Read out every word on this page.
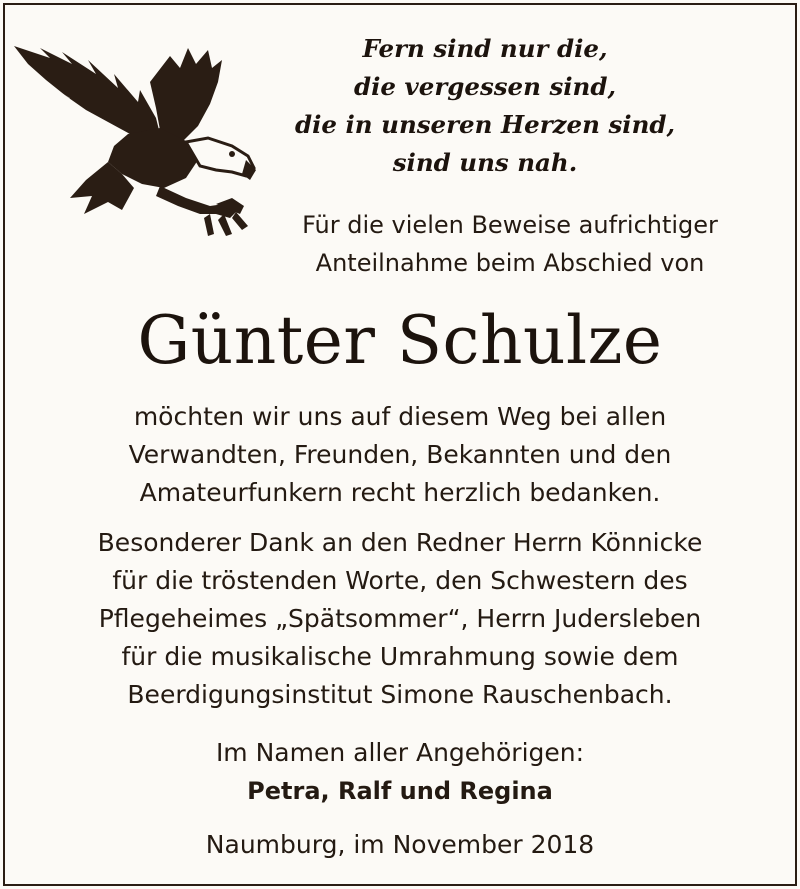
Fern sind nur die,
die vergessen sind,
die in unseren Herzen sind,
sind uns nah.
Für die vielen Beweise aufrichtiger
Anteilnahme beim Abschied von
Günter Schulze
möchten wir uns auf diesem Weg bei allen
Verwandten, Freunden, Bekannten und den
Amateurfunkern recht herzlich bedanken.
Besonderer Dank an den Redner Herrn Könnicke
für die tröstenden Worte, den Schwestern des
Pflegeheimes „Spätsommer“, Herrn Judersleben
für die musikalische Umrahmung sowie dem
Beerdigungsinstitut Simone Rauschenbach.
Im Namen aller Angehörigen:
Petra, Ralf und Regina
Naumburg, im November 2018
